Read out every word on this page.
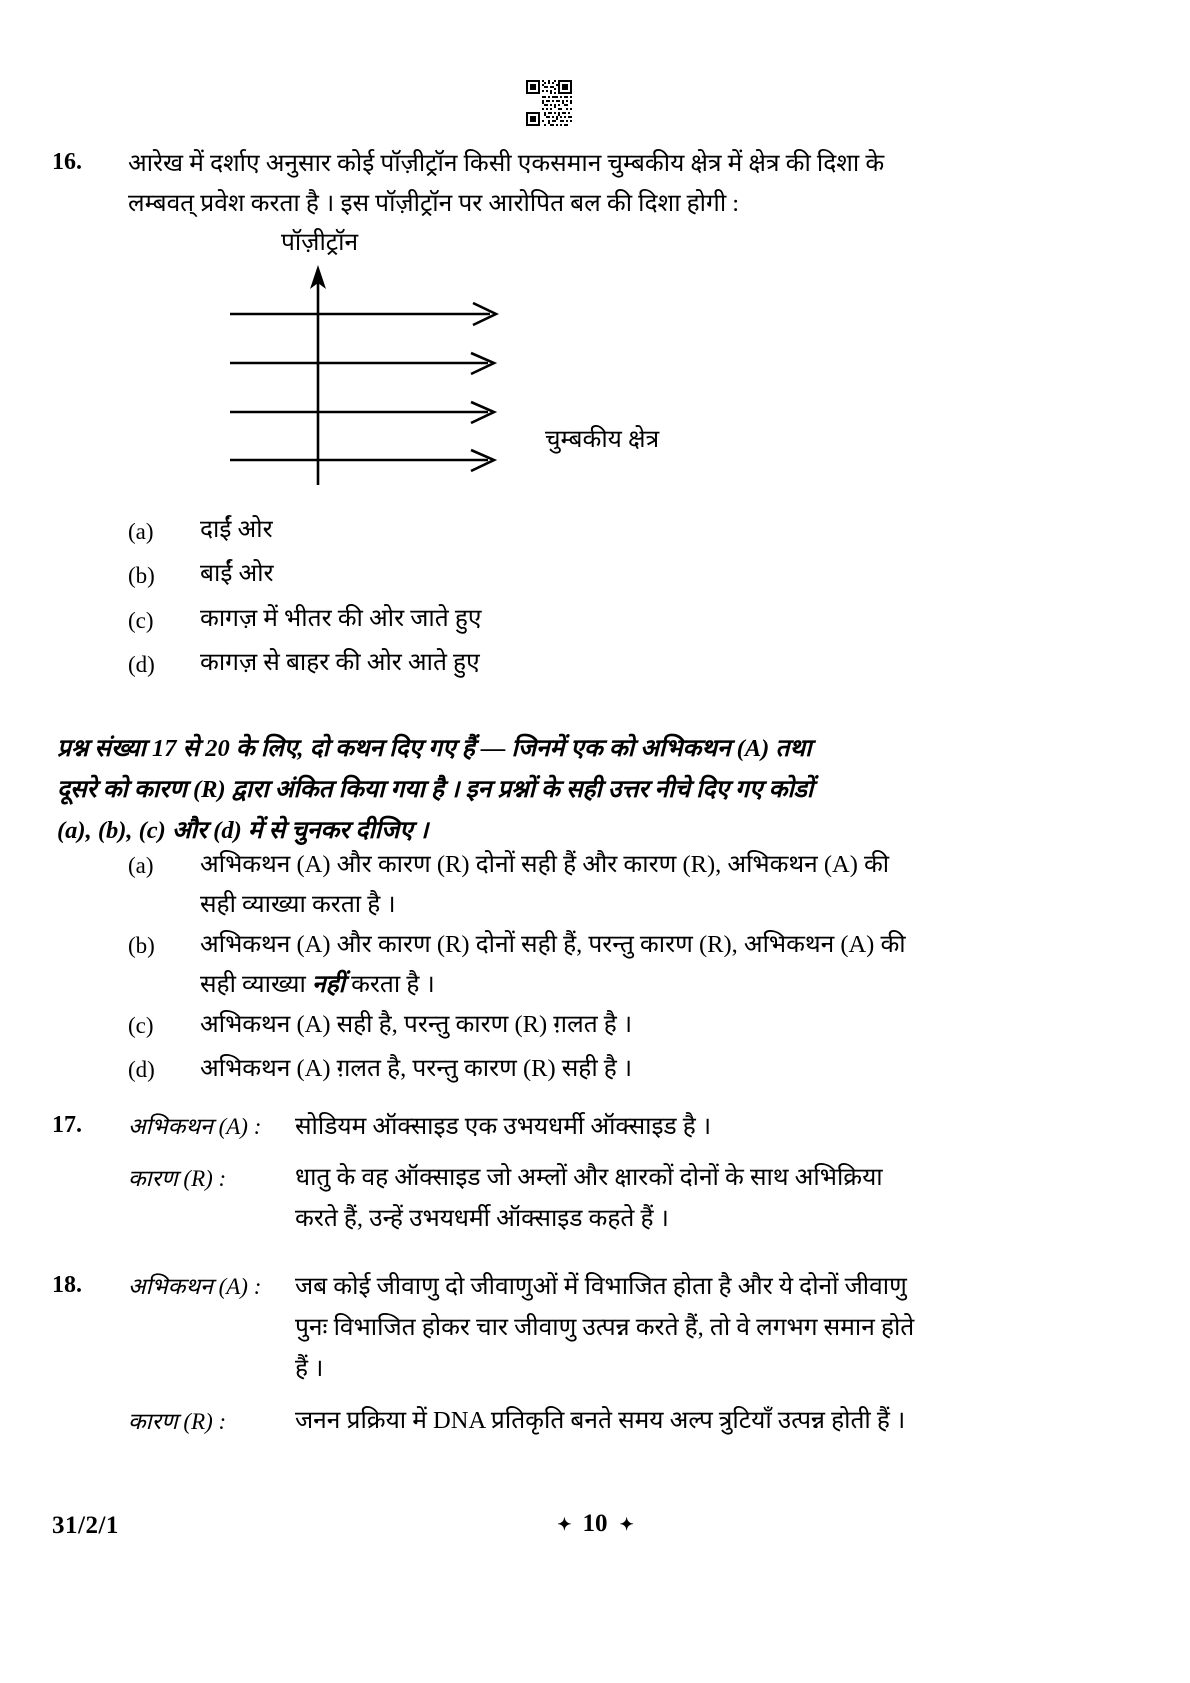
16. आरेख में दर्शाए अनुसार कोई पॉज़ीट्रॉन किसी एकसमान चुम्बकीय क्षेत्र में क्षेत्र की दिशा के
लम्बवत् प्रवेश करता है । इस पॉज़ीट्रॉन पर आरोपित बल की दिशा होगी :
पॉज़ीट्रॉन
चुम्बकीय क्षेत्र
(a) दाईं ओर
(b) बाईं ओर
(c) कागज़ में भीतर की ओर जाते हुए
(d) कागज़ से बाहर की ओर आते हुए
प्रश्न संख्या 17 से 20 के लिए, दो कथन दिए गए हैं — जिनमें एक को अभिकथन (A) तथा
दूसरे को कारण (R) द्वारा अंकित किया गया है । इन प्रश्नों के सही उत्तर नीचे दिए गए कोडों
(a), (b), (c) और (d) में से चुनकर दीजिए ।
(a) अभिकथन (A) और कारण (R) दोनों सही हैं और कारण (R), अभिकथन (A) की
सही व्याख्या करता है ।
(b) अभिकथन (A) और कारण (R) दोनों सही हैं, परन्तु कारण (R), अभिकथन (A) की
सही व्याख्या नहीं करता है ।
(c) अभिकथन (A) सही है, परन्तु कारण (R) ग़लत है ।
(d) अभिकथन (A) ग़लत है, परन्तु कारण (R) सही है ।
17. अभिकथन (A) : सोडियम ऑक्साइड एक उभयधर्मी ऑक्साइड है ।
कारण (R) :	धातु के वह ऑक्साइड जो अम्लों और क्षारकों दोनों के साथ अभिक्रिया
करते हैं, उन्हें उभयधर्मी ऑक्साइड कहते हैं ।
18. अभिकथन (A) : जब कोई जीवाणु दो जीवाणुओं में विभाजित होता है और ये दोनों जीवाणु
पुनः विभाजित होकर चार जीवाणु उत्पन्न करते हैं, तो वे लगभग समान होते
हैं ।
कारण (R) :	जनन प्रक्रिया में DNA प्रतिकृति बनते समय अल्प त्रुटियाँ उत्पन्न होती हैं ।
31/2/1	✦ 10 ✦
